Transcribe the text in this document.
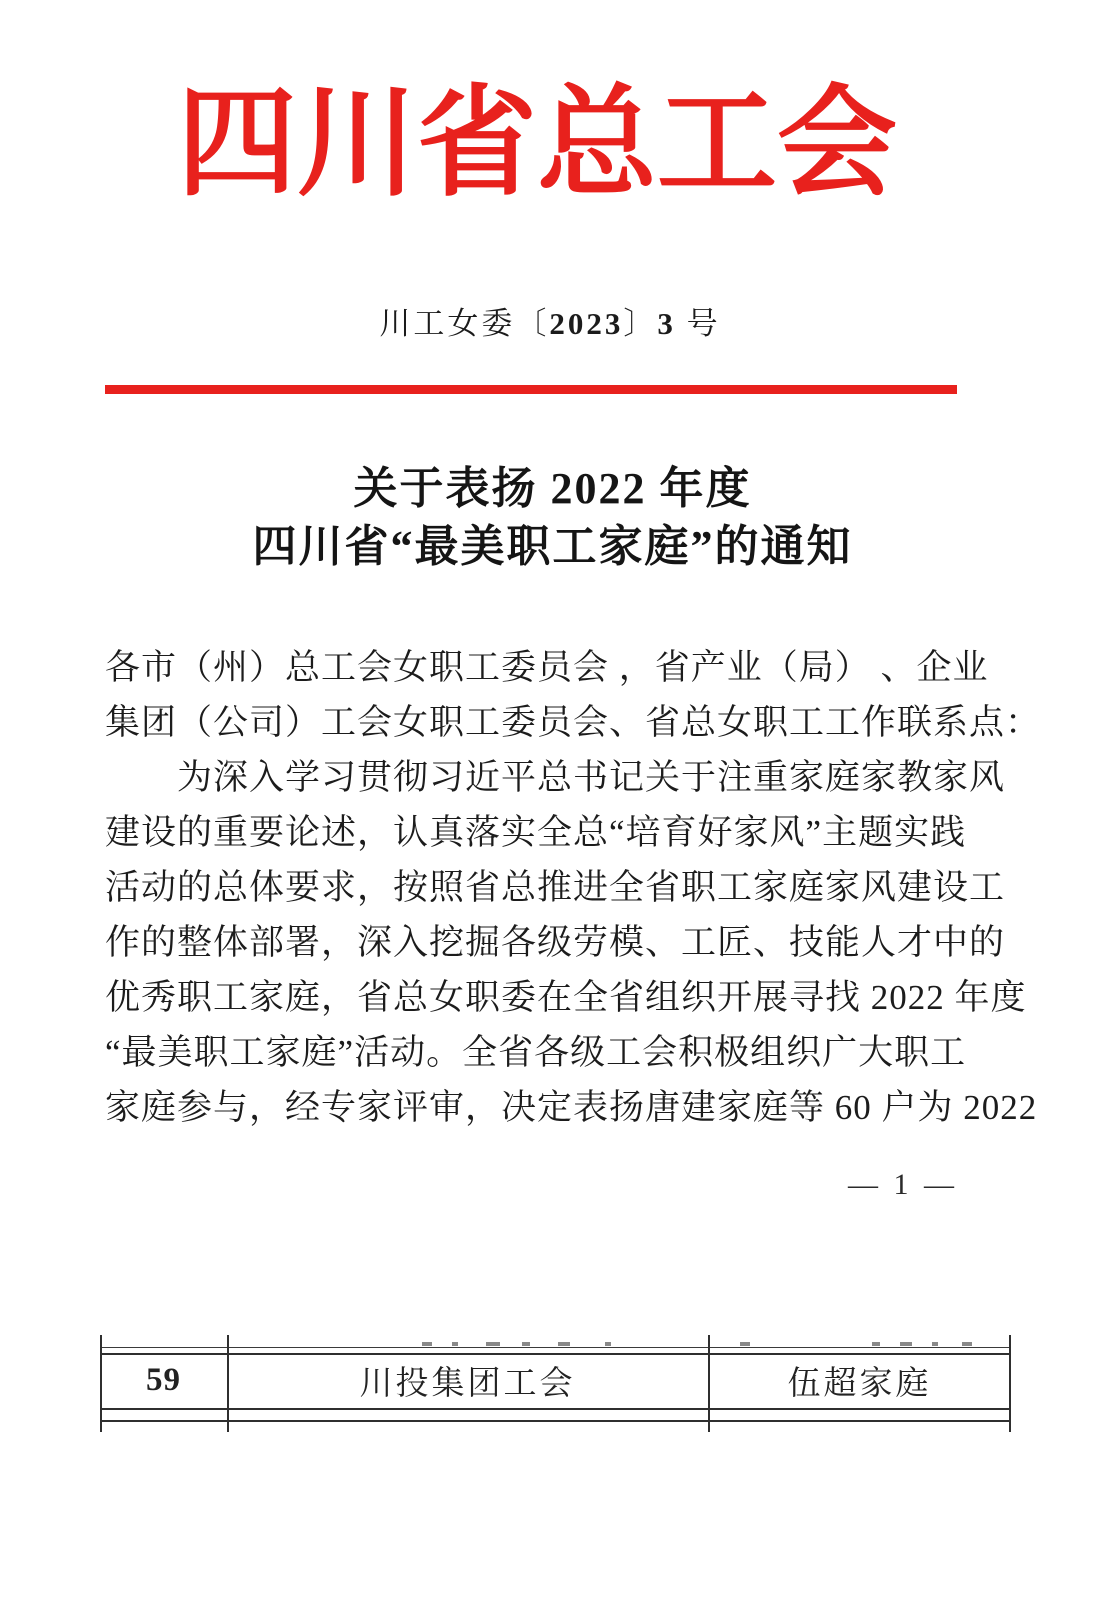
四川省总工会
川工女委〔2023〕3 号
关于表扬 2022 年度
四川省“最美职工家庭”的通知
各市（州）总工会女职工委员会 ，省产业（局） 、企业
集团（公司）工会女职工委员会、省总女职工工作联系点：
为深入学习贯彻习近平总书记关于注重家庭家教家风
建设的重要论述，认真落实全总“培育好家风”主题实践
活动的总体要求，按照省总推进全省职工家庭家风建设工
作的整体部署，深入挖掘各级劳模、工匠、技能人才中的
优秀职工家庭，省总女职委在全省组织开展寻找 2022 年度
“最美职工家庭”活动。全省各级工会积极组织广大职工
家庭参与，经专家评审，决定表扬唐建家庭等 60 户为 2022
— 1 —
59	川投集团工会	伍超家庭
